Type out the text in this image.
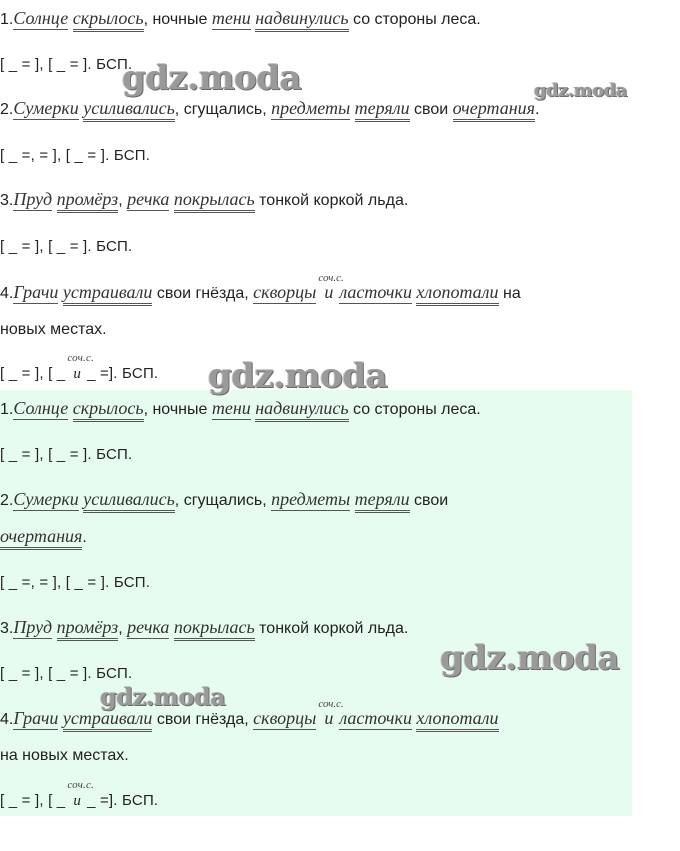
1.Солнце скрылось, ночные тени надвинулись со стороны леса.
[ _ = ], [ _ = ]. БСП.
2.Сумерки усиливались, сгущались, предметы теряли свои очертания.
[ _ =, = ], [ _ = ]. БСП.
3.Пруд промёрз, речка покрылась тонкой коркой льда.
[ _ = ], [ _ = ]. БСП.
4.Грачи устраивали свои гнёзда, скворцы
соч.с.
и ласточки хлопотали на
новых местах.
[ _ = ], [ _
соч.с.
и _ =]. БСП.
1.Солнце скрылось, ночные тени надвинулись со стороны леса.
[ _ = ], [ _ = ]. БСП.
2.Сумерки усиливались, сгущались, предметы теряли свои
очертания.
[ _ =, = ], [ _ = ]. БСП.
3.Пруд промёрз, речка покрылась тонкой коркой льда.
[ _ = ], [ _ = ]. БСП.
4.Грачи устраивали свои гнёзда, скворцы
соч.с.
и ласточки хлопотали
на новых местах.
[ _ = ], [ _
соч.с.
и _ =]. БСП.
gdz.moda	gdz.moda
gdz.moda
gdz.moda
gdz.moda
